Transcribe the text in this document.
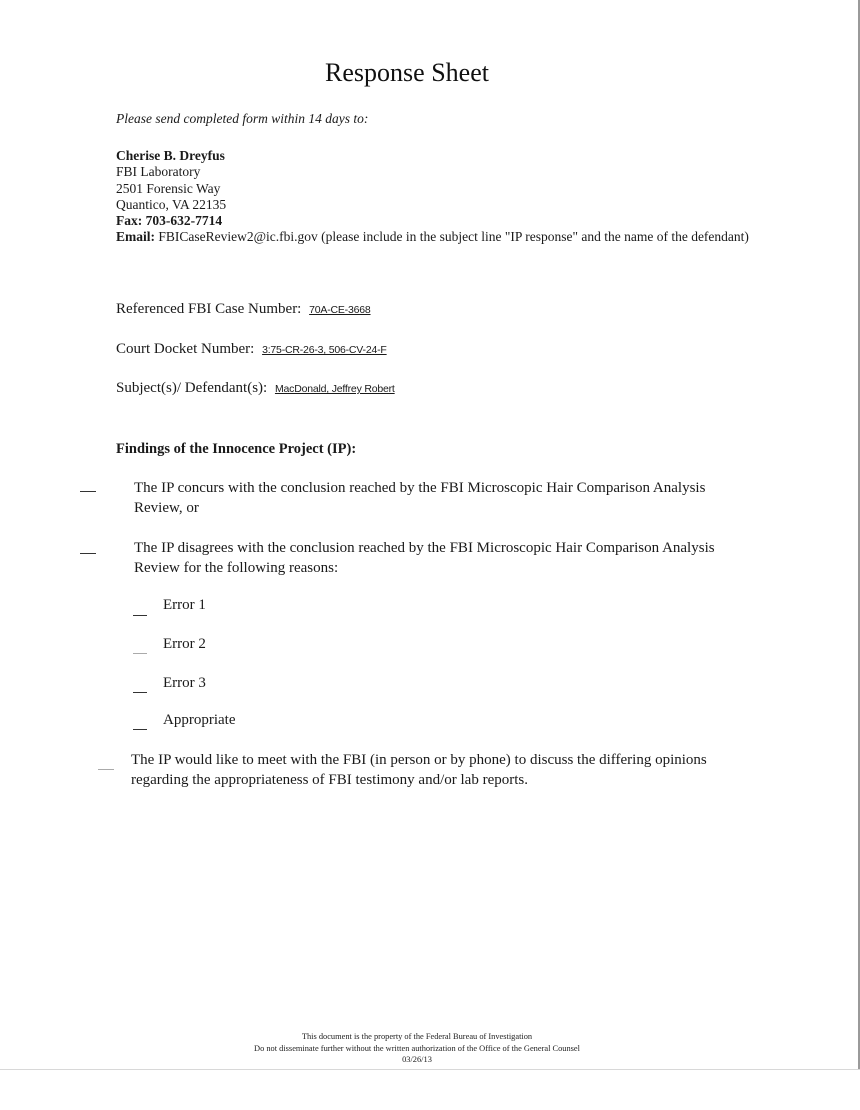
Response Sheet
Please send completed form within 14 days to:
Cherise B. Dreyfus
FBI Laboratory
2501 Forensic Way
Quantico, VA 22135
Fax: 703-632-7714
Email: FBICaseReview2@ic.fbi.gov (please include in the subject line "IP response" and the name of the defendant)
Referenced FBI Case Number: 70A-CE-3668
Court Docket Number: 3:75-CR-26-3, 506-CV-24-F
Subject(s)/ Defendant(s): MacDonald, Jeffrey Robert
Findings of the Innocence Project (IP):
The IP concurs with the conclusion reached by the FBI Microscopic Hair Comparison Analysis Review, or
The IP disagrees with the conclusion reached by the FBI Microscopic Hair Comparison Analysis Review for the following reasons:
Error 1
Error 2
Error 3
Appropriate
The IP would like to meet with the FBI (in person or by phone) to discuss the differing opinions regarding the appropriateness of FBI testimony and/or lab reports.
This document is the property of the Federal Bureau of Investigation
Do not disseminate further without the written authorization of the Office of the General Counsel
03/26/13
